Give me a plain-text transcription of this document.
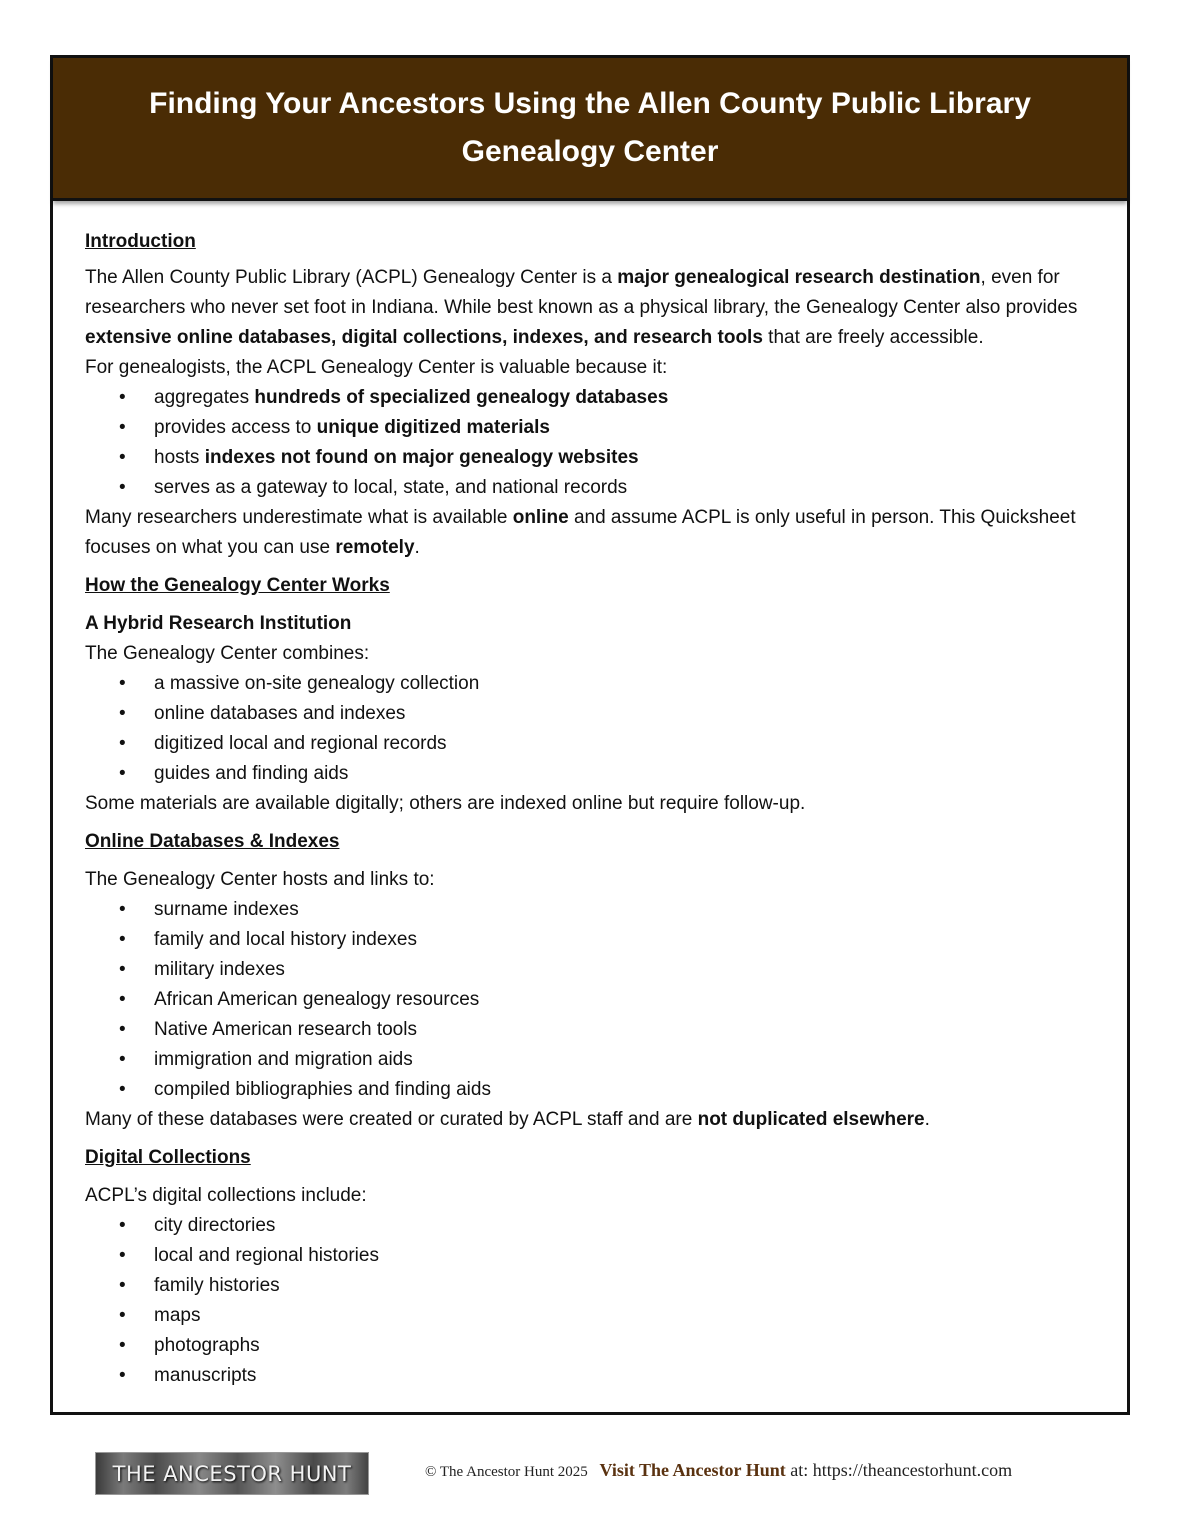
Finding Your Ancestors Using the Allen County Public Library Genealogy Center

Introduction

The Allen County Public Library (ACPL) Genealogy Center is a major genealogical research destination, even for researchers who never set foot in Indiana. While best known as a physical library, the Genealogy Center also provides extensive online databases, digital collections, indexes, and research tools that are freely accessible.

For genealogists, the ACPL Genealogy Center is valuable because it:

• aggregates hundreds of specialized genealogy databases
• provides access to unique digitized materials
• hosts indexes not found on major genealogy websites
• serves as a gateway to local, state, and national records

Many researchers underestimate what is available online and assume ACPL is only useful in person. This Quicksheet focuses on what you can use remotely.

How the Genealogy Center Works

A Hybrid Research Institution

The Genealogy Center combines:

• a massive on-site genealogy collection
• online databases and indexes
• digitized local and regional records
• guides and finding aids

Some materials are available digitally; others are indexed online but require follow-up.

Online Databases & Indexes

The Genealogy Center hosts and links to:

• surname indexes
• family and local history indexes
• military indexes
• African American genealogy resources
• Native American research tools
• immigration and migration aids
• compiled bibliographies and finding aids

Many of these databases were created or curated by ACPL staff and are not duplicated elsewhere.

Digital Collections

ACPL’s digital collections include:

• city directories
• local and regional histories
• family histories
• maps
• photographs
• manuscripts
THE ANCESTOR HUNT	© The Ancestor Hunt 2025 Visit The Ancestor Hunt at: https://theancestorhunt.com
